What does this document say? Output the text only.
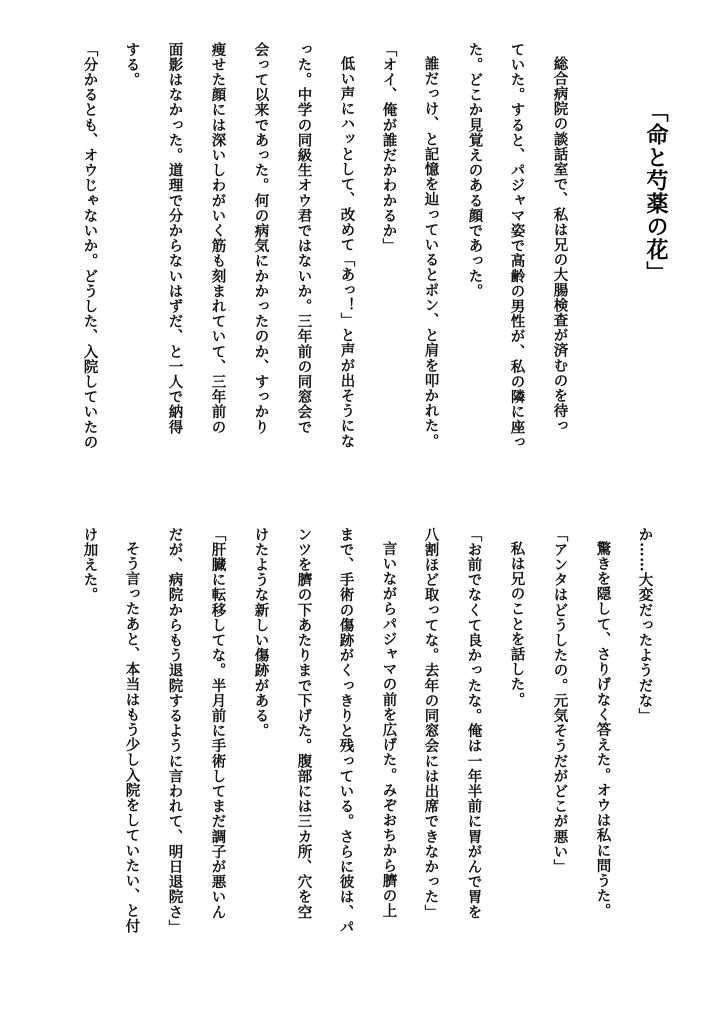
「命と芍薬の花」
総合病院の談話室で、私は兄の大腸検査が済むのを待っ
ていた。すると、パジャマ姿で高齢の男性が、私の隣に座っ
た。どこか見覚えのある顔であった。
誰だっけ、と記憶を辿っているとポン、と肩を叩かれた。
「オイ、俺が誰だかわかるか」
低い声にハッとして、改めて「あっ！」と声が出そうにな
った。中学の同級生オウ君ではないか。三年前の同窓会で
会って以来であった。何の病気にかかったのか、すっかり
痩せた顔には深いしわがいく筋も刻まれていて、三年前の
面影はなかった。道理で分からないはずだ、と一人で納得
する。
「分かるとも、オウじゃないか。どうした、入院していたの
か……大変だったようだな」
驚きを隠して、さりげなく答えた。オウは私に問うた。
「アンタはどうしたの。元気そうだがどこが悪い」
私は兄のことを話した。
「お前でなくて良かったな。俺は一年半前に胃がんで胃を
八割ほど取ってな。去年の同窓会には出席できなかった」
言いながらパジャマの前を広げた。みぞおちから臍の上
まで、手術の傷跡がくっきりと残っている。さらに彼は、パ
ンツを臍の下あたりまで下げた。腹部には三カ所、穴を空
けたような新しい傷跡がある。
「肝臓に転移してな。半月前に手術してまだ調子が悪いん
だが、病院からもう退院するように言われて、明日退院さ」
そう言ったあと、本当はもう少し入院をしていたい、と付
け加えた。
